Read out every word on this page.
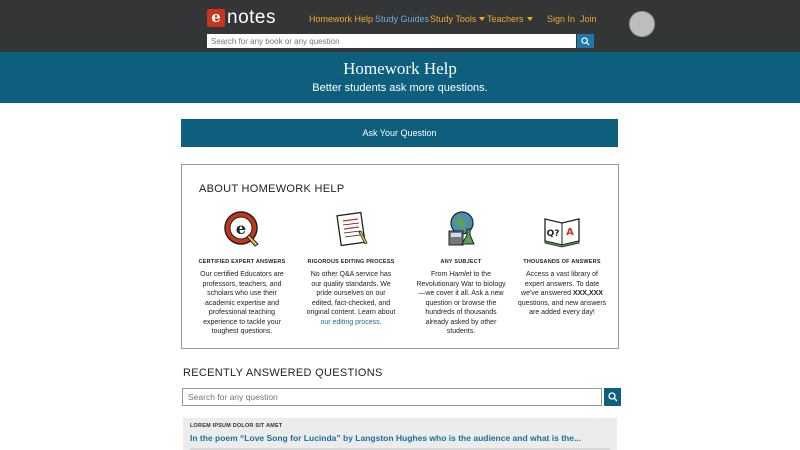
e notes	Homework Help Study Guides Study Tools	Teachers	Sign In Join
Search for any book or any question
Homework Help
Better students ask more questions.
Ask Your Question
ABOUT HOMEWORK HELP
e
CERTIFIED EXPERT ANSWERS
Our certified Educators are professors, teachers, and scholars who use their academic expertise and professional teaching experience to tackle your toughest questions.
RIGOROUS EDITING PROCESS
No other Q&A service has our quality standards. We pride ourselves on our edited, fact-checked, and original content. Learn about our editing process.
ANY SUBJECT
From Hamlet to the Revolutionary War to biology—we cover it all. Ask a new question or browse the hundreds of thousands already asked by other students.
Q? A
THOUSANDS OF ANSWERS
Access a vast library of expert answers. To date we've answered XXX,XXX questions, and new answers are added every day!
RECENTLY ANSWERED QUESTIONS
Search for any question
LOREM IPSUM DOLOR SIT AMET
In the poem “Love Song for Lucinda” by Langston Hughes who is the audience and what is the...
